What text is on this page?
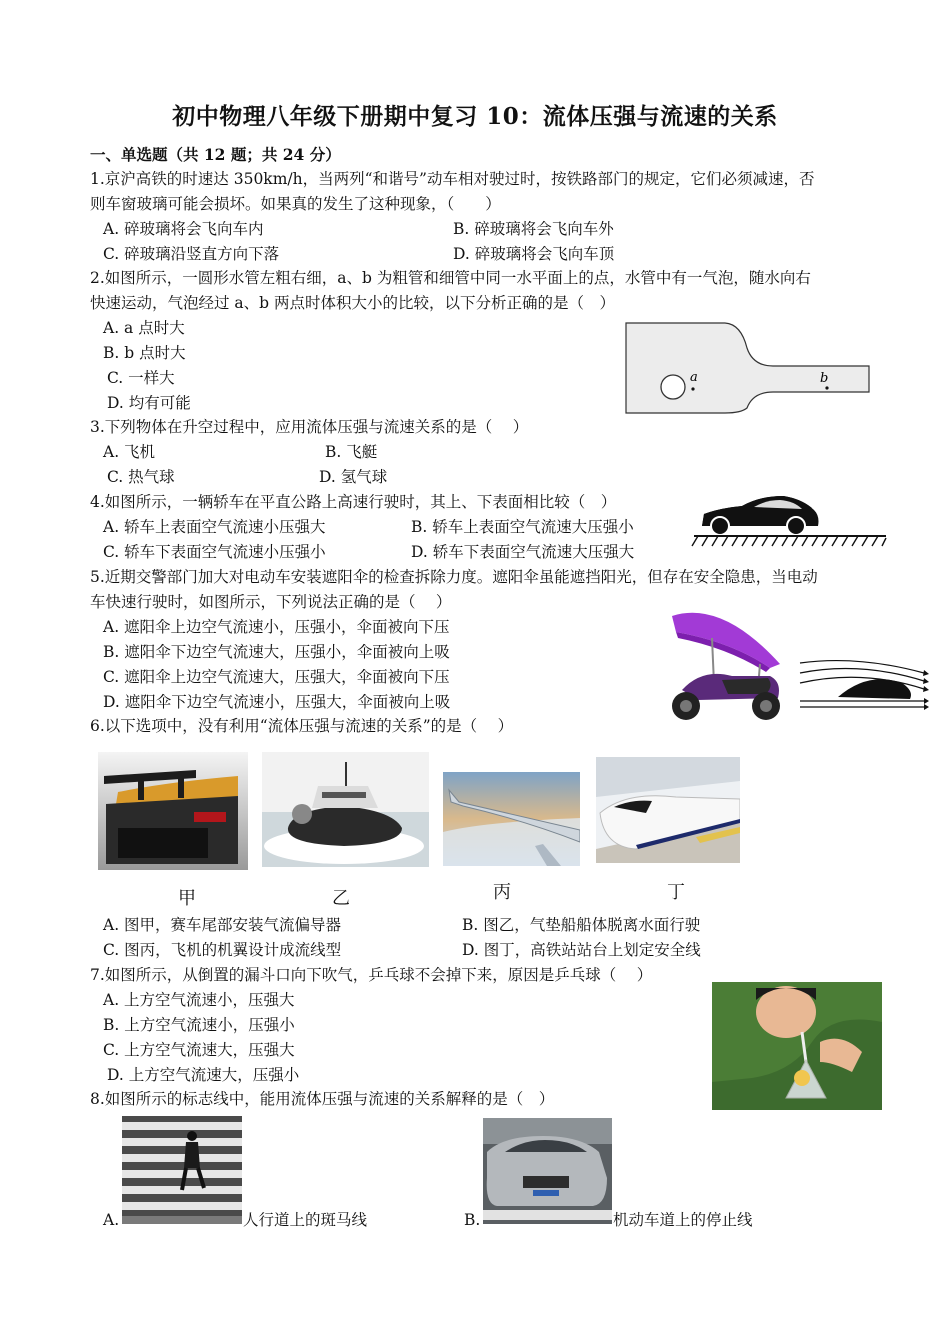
初中物理八年级下册期中复习 10：流体压强与流速的关系
一、单选题（共 12 题；共 24 分）
1.京沪高铁的时速达 350km/h，当两列“和谐号”动车相对驶过时，按铁路部门的规定，它们必须减速，否
则车窗玻璃可能会损坏。如果真的发生了这种现象，（　　）
A. 碎玻璃将会飞向车内	B. 碎玻璃将会飞向车外
C. 碎玻璃沿竖直方向下落	D. 碎玻璃将会飞向车顶
2.如图所示，一圆形水管左粗右细，a、b 为粗管和细管中同一水平面上的点，水管中有一气泡，随水向右
快速运动，气泡经过 a、b 两点时体积大小的比较，以下分析正确的是（　）
A. a 点时大
B. b 点时大
C. 一样大
D. 均有可能
a	b
3.下列物体在升空过程中，应用流体压强与流速关系的是（　 ）
A. 飞机	B. 飞艇
C. 热气球	D. 氢气球
4.如图所示，一辆轿车在平直公路上高速行驶时，其上、下表面相比较（　）
A. 轿车上表面空气流速小压强大	B. 轿车上表面空气流速大压强小
C. 轿车下表面空气流速小压强小	D. 轿车下表面空气流速大压强大
5.近期交警部门加大对电动车安装遮阳伞的检查拆除力度。遮阳伞虽能遮挡阳光，但存在安全隐患，当电动
车快速行驶时，如图所示，下列说法正确的是（　 ）
A. 遮阳伞上边空气流速小，压强小，伞面被向下压
B. 遮阳伞下边空气流速大，压强小，伞面被向上吸
C. 遮阳伞上边空气流速大，压强大，伞面被向下压
D. 遮阳伞下边空气流速小，压强大，伞面被向上吸
6.以下选项中，没有利用“流体压强与流速的关系”的是（　 ）
甲	乙	丙	丁
A. 图甲，赛车尾部安装气流偏导器	B. 图乙，气垫船船体脱离水面行驶
C. 图丙，飞机的机翼设计成流线型	D. 图丁，高铁站站台上划定安全线
7.如图所示，从倒置的漏斗口向下吹气，乒乓球不会掉下来，原因是乒乓球（　 ）
A. 上方空气流速小，压强大
B. 上方空气流速小，压强小
C. 上方空气流速大，压强大
D. 上方空气流速大，压强小
8.如图所示的标志线中，能用流体压强与流速的关系解释的是（　）
A.	人行道上的斑马线	B.	机动车道上的停止线
